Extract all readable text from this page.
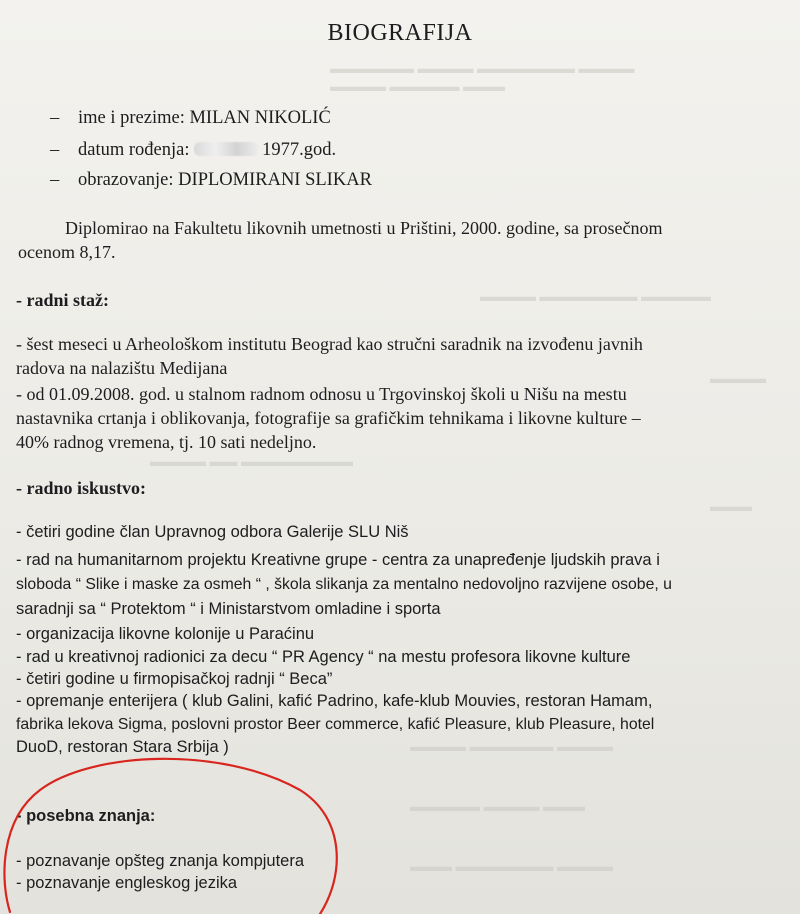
▬▬▬▬▬▬ ▬▬▬▬ ▬▬▬▬▬▬▬ ▬▬▬▬
▬▬▬▬ ▬▬▬▬▬ ▬▬▬
▬▬▬▬ ▬▬▬▬▬▬▬ ▬▬▬▬▬
▬▬▬▬
▬▬▬▬ ▬▬ ▬▬▬▬▬▬▬▬
▬▬▬
▬▬▬▬ ▬▬▬▬▬▬ ▬▬▬▬
▬▬▬▬▬ ▬▬▬▬ ▬▬▬
▬▬▬ ▬▬▬▬▬▬▬ ▬▬▬▬
BIOGRAFIJA
– ime i prezime: MILAN NIKOLIĆ
– datum rođenja:	1977.god.
– obrazovanje: DIPLOMIRANI SLIKAR
Diplomirao na Fakultetu likovnih umetnosti u Prištini, 2000. godine, sa prosečnom
ocenom 8,17.
- radni staž:
- šest meseci u Arheološkom institutu Beograd kao stručni saradnik na izvođenu javnih
radova na nalazištu Medijana
- od 01.09.2008. god. u stalnom radnom odnosu u Trgovinskoj školi u Nišu na mestu
nastavnika crtanja i oblikovanja, fotografije sa grafičkim tehnikama i likovne kulture –
40% radnog vremena, tj. 10 sati nedeljno.
- radno iskustvo:
- četiri godine član Upravnog odbora Galerije SLU Niš
- rad na humanitarnom projektu Kreativne grupe - centra za unapređenje ljudskih prava i
sloboda “ Slike i maske za osmeh “ , škola slikanja za mentalno nedovoljno razvijene osobe, u
saradnji sa “ Protektom “ i Ministarstvom omladine i sporta
- organizacija likovne kolonije u Paraćinu
- rad u kreativnoj radionici za decu “ PR Agency “ na mestu profesora likovne kulture
- četiri godine u firmopisačkoj radnji “ Beca”
- opremanje enterijera ( klub Galini, kafić Padrino, kafe-klub Mouvies, restoran Hamam,
fabrika lekova Sigma, poslovni prostor Beer commerce, kafić Pleasure, klub Pleasure, hotel
DuoD, restoran Stara Srbija )
- posebna znanja:
- poznavanje opšteg znanja kompjutera
- poznavanje engleskog jezika
